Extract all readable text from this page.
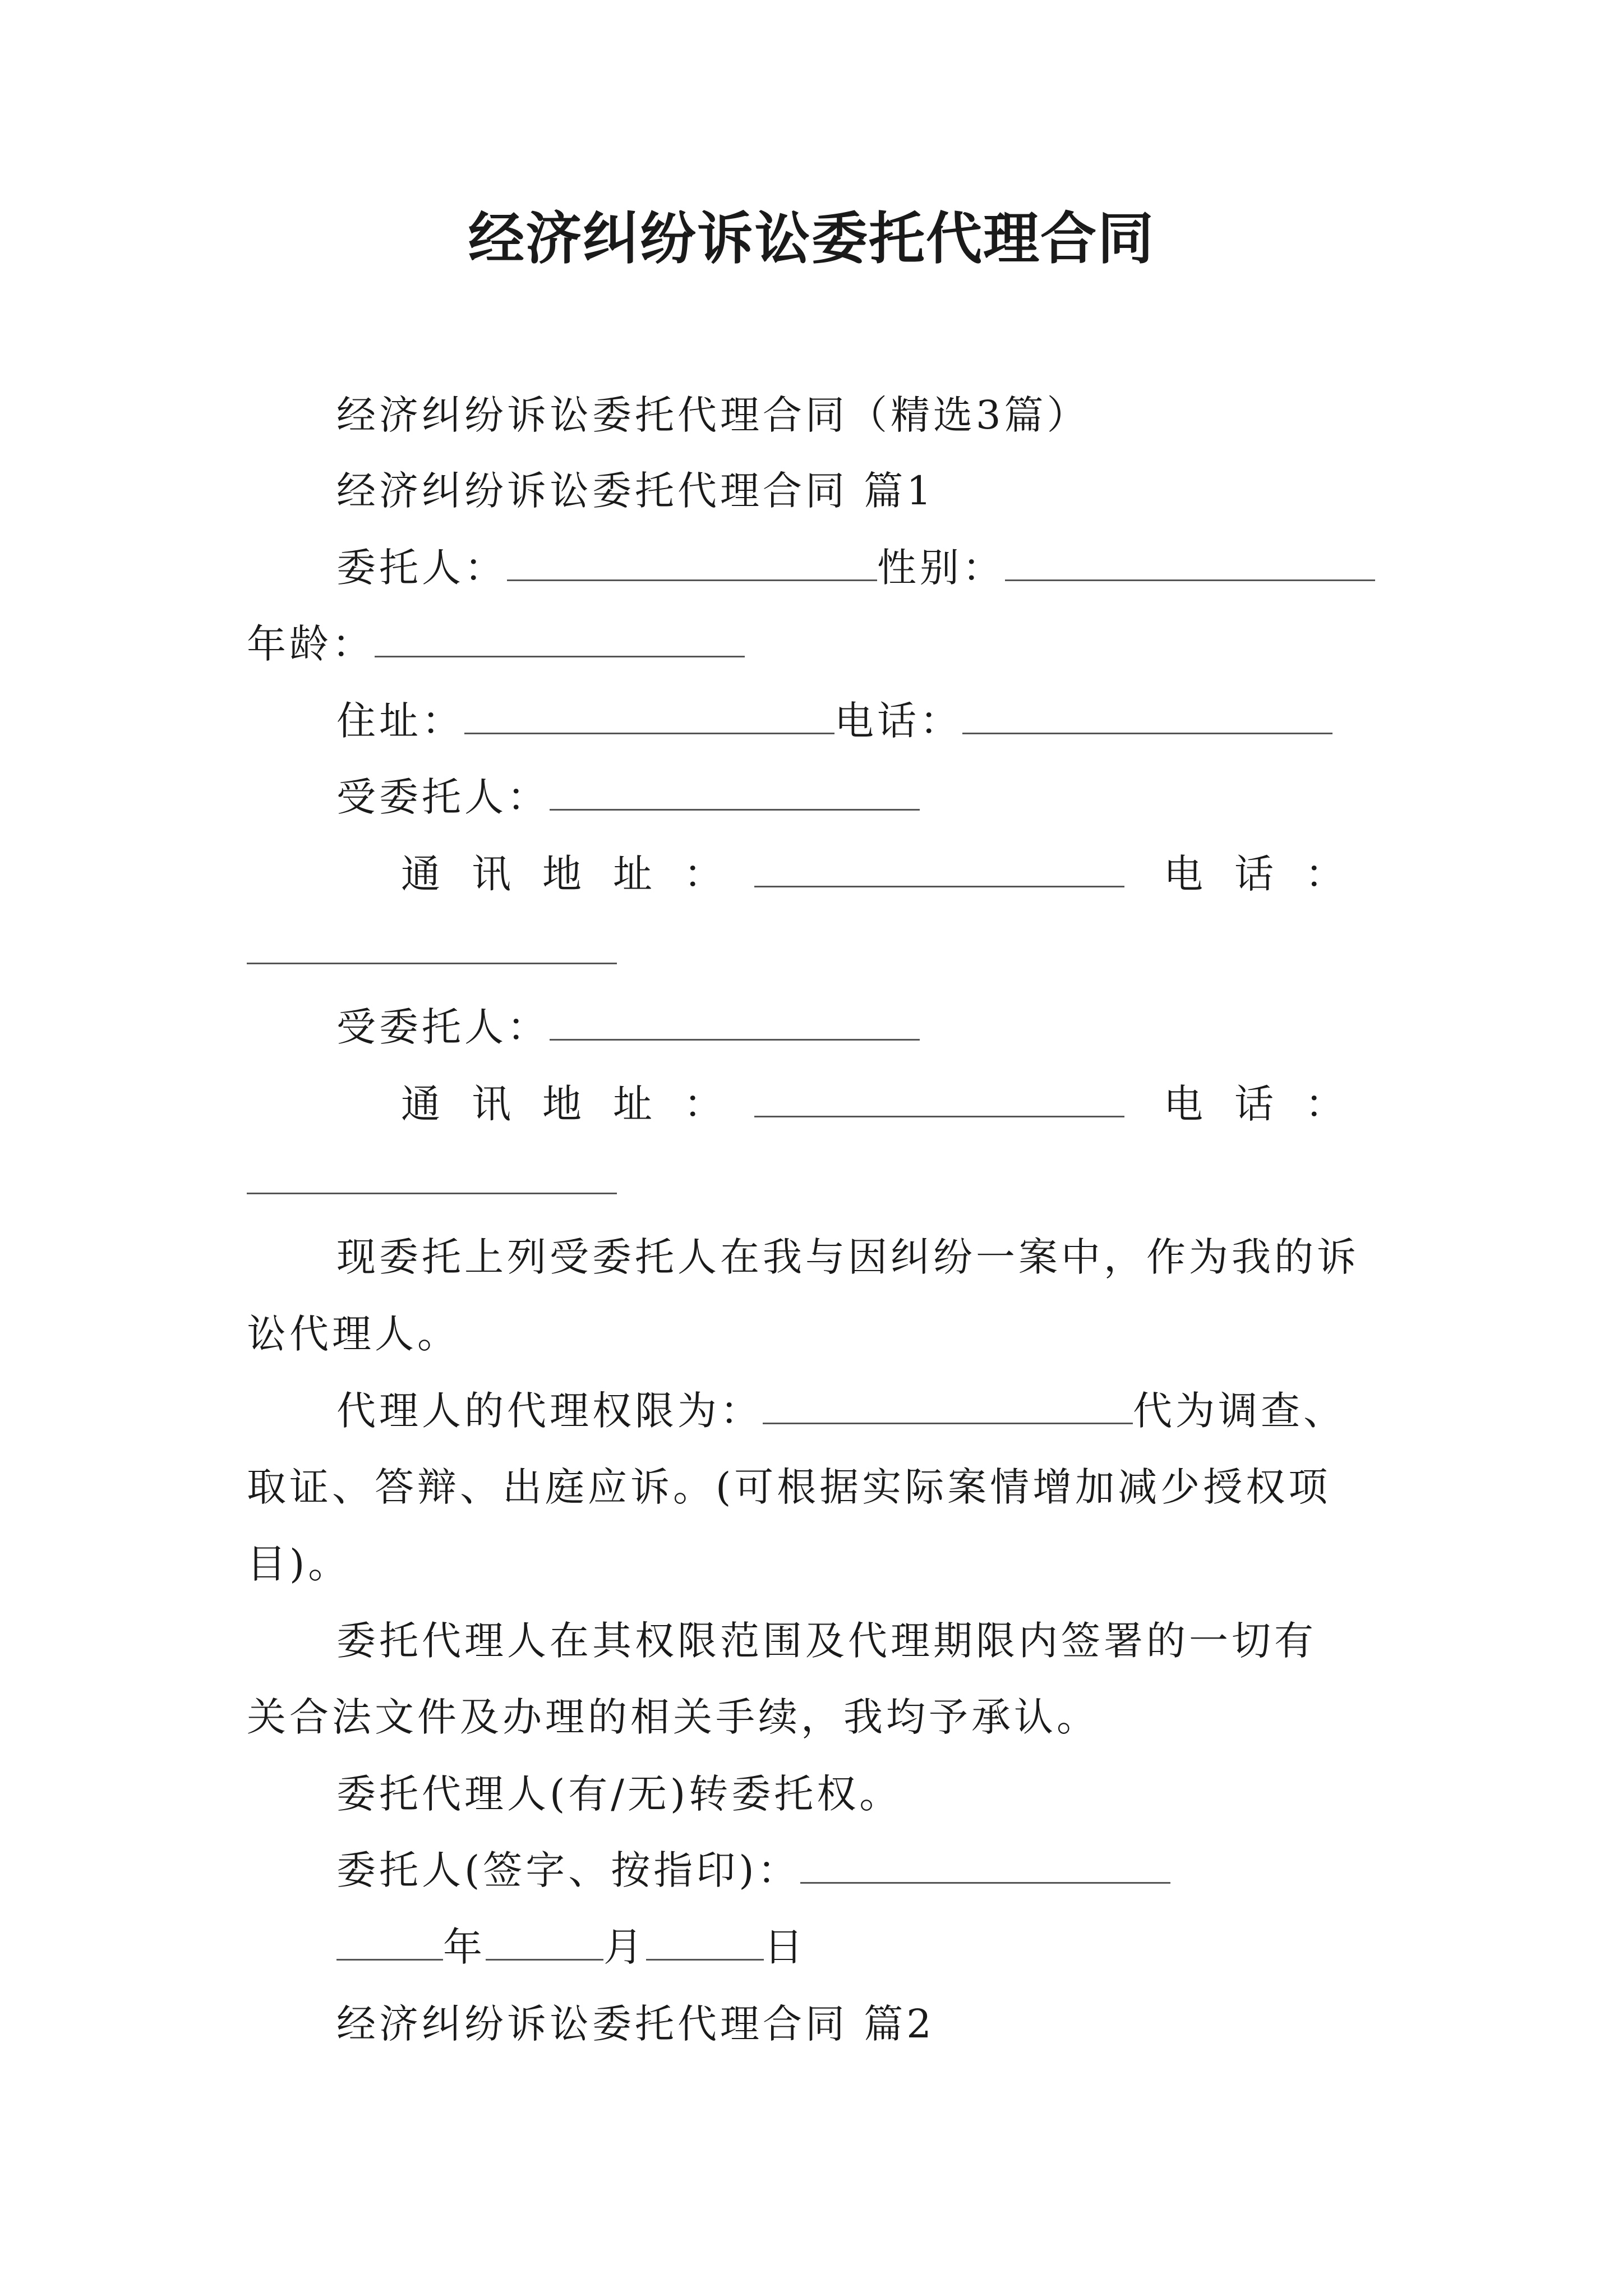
经济纠纷诉讼委托代理合同
经济纠纷诉讼委托代理合同（精选3篇）
经济纠纷诉讼委托代理合同 篇1
委托人：	性别：
年龄：
住址：	电话：
受委托人：
通讯地址：	电话：
受委托人：
通讯地址：	电话：
现委托上列受委托人在我与因纠纷一案中，作为我的诉
讼代理人。
代理人的代理权限为：	代为调查、
取证、答辩、出庭应诉。(可根据实际案情增加减少授权项
目)。
委托代理人在其权限范围及代理期限内签署的一切有
关合法文件及办理的相关手续，我均予承认。
委托代理人(有/无)转委托权。
委托人(签字、按指印)：
年	月	日
经济纠纷诉讼委托代理合同 篇2
